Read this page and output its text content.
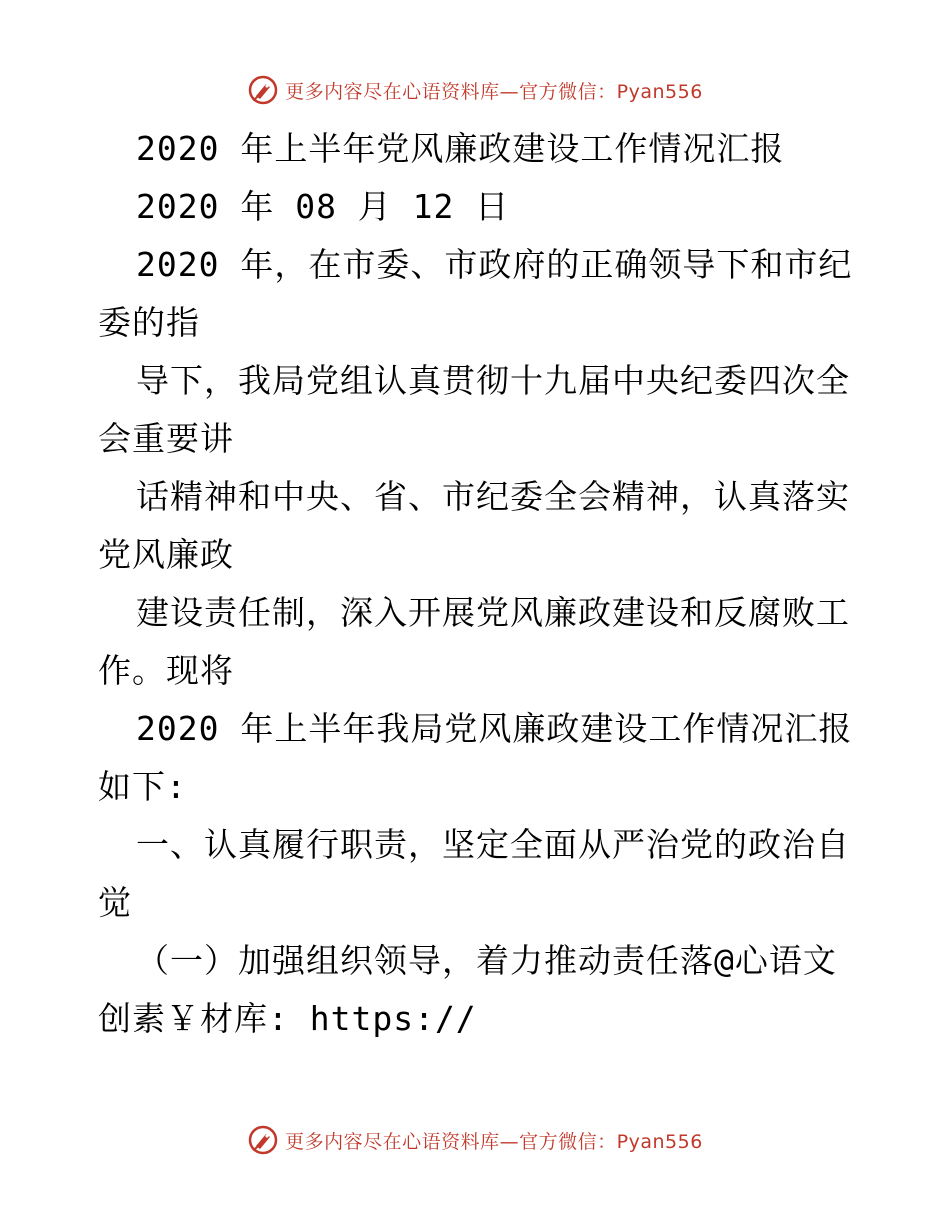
更多内容尽在心语资料库—官方微信：Pyan556
2020 年上半年党风廉政建设工作情况汇报
2020 年 08 月 12 日
2020 年，在市委、市政府的正确领导下和市纪
委的指
导下，我局党组认真贯彻十九届中央纪委四次全
会重要讲
话精神和中央、省、市纪委全会精神，认真落实
党风廉政
建设责任制，深入开展党风廉政建设和反腐败工
作。现将
2020 年上半年我局党风廉政建设工作情况汇报
如下:
一、认真履行职责，坚定全面从严治党的政治自
觉
（一）加强组织领导，着力推动责任落@心语文
创素￥材库: https://
更多内容尽在心语资料库—官方微信：Pyan556
